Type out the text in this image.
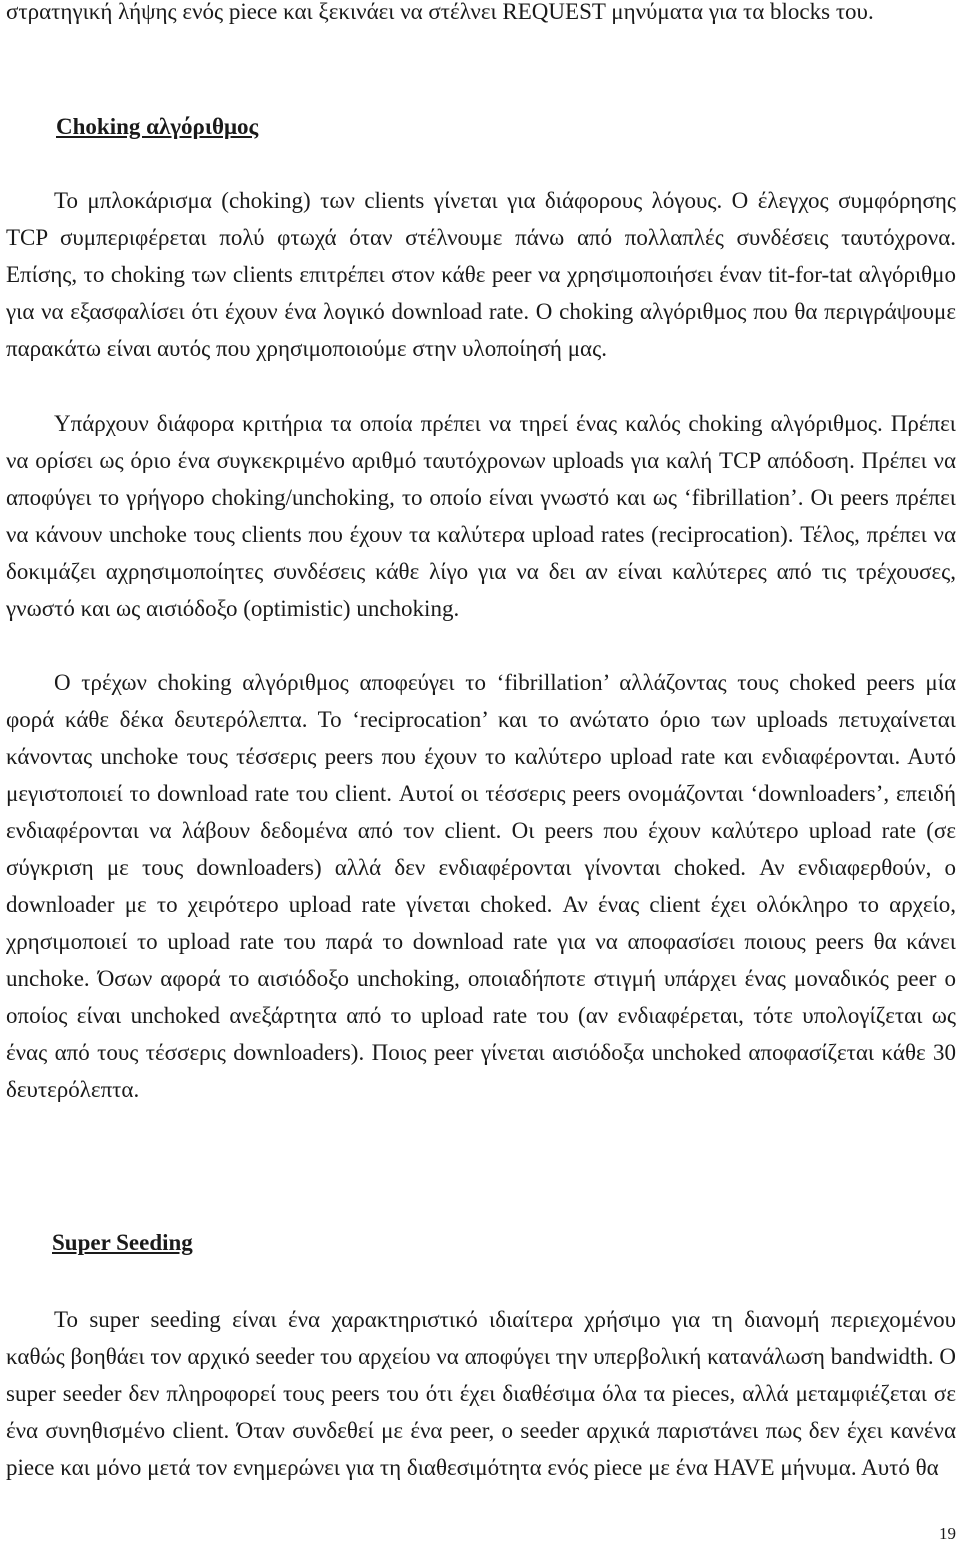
στρατηγική λήψης ενός piece και ξεκινάει να στέλνει REQUEST μηνύματα για τα blocks του.

Choking αλγόριθμος

Το μπλοκάρισμα (choking) των clients γίνεται για διάφορους λόγους. Ο έλεγχος συμφόρησης TCP συμπεριφέρεται πολύ φτωχά όταν στέλνουμε πάνω από πολλαπλές συνδέσεις ταυτόχρονα. Επίσης, το choking των clients επιτρέπει στον κάθε peer να χρησιμοποιήσει έναν tit-for-tat αλγόριθμο για να εξασφαλίσει ότι έχουν ένα λογικό download rate. Ο choking αλγόριθμος που θα περιγράψουμε παρακάτω είναι αυτός που χρησιμοποιούμε στην υλοποίησή μας.

Υπάρχουν διάφορα κριτήρια τα οποία πρέπει να τηρεί ένας καλός choking αλγόριθμος. Πρέπει να ορίσει ως όριο ένα συγκεκριμένο αριθμό ταυτόχρονων uploads για καλή TCP απόδοση. Πρέπει να αποφύγει το γρήγορο choking/unchoking, το οποίο είναι γνωστό και ως ‘fibrillation’. Οι peers πρέπει να κάνουν unchoke τους clients που έχουν τα καλύτερα upload rates (reciprocation). Τέλος, πρέπει να δοκιμάζει αχρησιμοποίητες συνδέσεις κάθε λίγο για να δει αν είναι καλύτερες από τις τρέχουσες, γνωστό και ως αισιόδοξο (optimistic) unchoking.

Ο τρέχων choking αλγόριθμος αποφεύγει το ‘fibrillation’ αλλάζοντας τους choked peers μία φορά κάθε δέκα δευτερόλεπτα. Το ‘reciprocation’ και το ανώτατο όριο των uploads πετυχαίνεται κάνοντας unchoke τους τέσσερις peers που έχουν το καλύτερο upload rate και ενδιαφέρονται. Αυτό μεγιστοποιεί το download rate του client. Αυτοί οι τέσσερις peers ονομάζονται ‘downloaders’, επειδή ενδιαφέρονται να λάβουν δεδομένα από τον client. Οι peers που έχουν καλύτερο upload rate (σε σύγκριση με τους downloaders) αλλά δεν ενδιαφέρονται γίνονται choked. Αν ενδιαφερθούν, ο downloader με το χειρότερο upload rate γίνεται choked. Αν ένας client έχει ολόκληρο το αρχείο, χρησιμοποιεί το upload rate του παρά το download rate για να αποφασίσει ποιους peers θα κάνει unchoke. Όσων αφορά το αισιόδοξο unchoking, οποιαδήποτε στιγμή υπάρχει ένας μοναδικός peer ο οποίος είναι unchoked ανεξάρτητα από το upload rate του (αν ενδιαφέρεται, τότε υπολογίζεται ως ένας από τους τέσσερις downloaders). Ποιος peer γίνεται αισιόδοξα unchoked αποφασίζεται κάθε 30 δευτερόλεπτα.

Super Seeding

Το super seeding είναι ένα χαρακτηριστικό ιδιαίτερα χρήσιμο για τη διανομή περιεχομένου καθώς βοηθάει τον αρχικό seeder του αρχείου να αποφύγει την υπερβολική κατανάλωση bandwidth. Ο super seeder δεν πληροφορεί τους peers του ότι έχει διαθέσιμα όλα τα pieces, αλλά μεταμφιέζεται σε ένα συνηθισμένο client. Όταν συνδεθεί με ένα peer, ο seeder αρχικά παριστάνει πως δεν έχει κανένα piece και μόνο μετά τον ενημερώνει για τη διαθεσιμότητα ενός piece με ένα HAVE μήνυμα. Αυτό θα

19
